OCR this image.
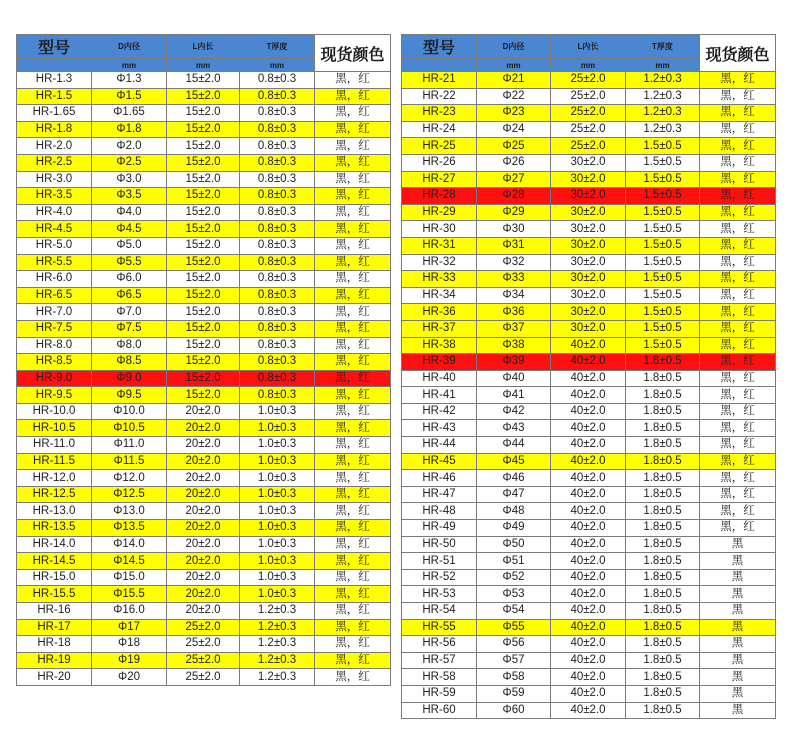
型号	D内径	L内长	T厚度	现货颜色
	mm	mm	mm	
HR-1.3	Φ1.3	15±2.0	0.8±0.3	黑，红
HR-1.5	Φ1.5	15±2.0	0.8±0.3	黑，红
HR-1.65	Φ1.65	15±2.0	0.8±0.3	黑，红
HR-1.8	Φ1.8	15±2.0	0.8±0.3	黑，红
HR-2.0	Φ2.0	15±2.0	0.8±0.3	黑，红
HR-2.5	Φ2.5	15±2.0	0.8±0.3	黑，红
HR-3.0	Φ3.0	15±2.0	0.8±0.3	黑，红
HR-3.5	Φ3.5	15±2.0	0.8±0.3	黑，红
HR-4.0	Φ4.0	15±2.0	0.8±0.3	黑，红
HR-4.5	Φ4.5	15±2.0	0.8±0.3	黑，红
HR-5.0	Φ5.0	15±2.0	0.8±0.3	黑，红
HR-5.5	Φ5.5	15±2.0	0.8±0.3	黑，红
HR-6.0	Φ6.0	15±2.0	0.8±0.3	黑，红
HR-6.5	Φ6.5	15±2.0	0.8±0.3	黑，红
HR-7.0	Φ7.0	15±2.0	0.8±0.3	黑，红
HR-7.5	Φ7.5	15±2.0	0.8±0.3	黑，红
HR-8.0	Φ8.0	15±2.0	0.8±0.3	黑，红
HR-8.5	Φ8.5	15±2.0	0.8±0.3	黑，红
HR-9.0	Φ9.0	15±2.0	0.8±0.3	黑，红
HR-9.5	Φ9.5	15±2.0	0.8±0.3	黑，红
HR-10.0	Φ10.0	20±2.0	1.0±0.3	黑，红
HR-10.5	Φ10.5	20±2.0	1.0±0.3	黑，红
HR-11.0	Φ11.0	20±2.0	1.0±0.3	黑，红
HR-11.5	Φ11.5	20±2.0	1.0±0.3	黑，红
HR-12.0	Φ12.0	20±2.0	1.0±0.3	黑，红
HR-12.5	Φ12.5	20±2.0	1.0±0.3	黑，红
HR-13.0	Φ13.0	20±2.0	1.0±0.3	黑，红
HR-13.5	Φ13.5	20±2.0	1.0±0.3	黑，红
HR-14.0	Φ14.0	20±2.0	1.0±0.3	黑，红
HR-14.5	Φ14.5	20±2.0	1.0±0.3	黑，红
HR-15.0	Φ15.0	20±2.0	1.0±0.3	黑，红
HR-15.5	Φ15.5	20±2.0	1.0±0.3	黑，红
HR-16	Φ16.0	20±2.0	1.2±0.3	黑，红
HR-17	Φ17	25±2.0	1.2±0.3	黑，红
HR-18	Φ18	25±2.0	1.2±0.3	黑，红
HR-19	Φ19	25±2.0	1.2±0.3	黑，红
HR-20	Φ20	25±2.0	1.2±0.3	黑，红
型号	D内径	L内长	T厚度	现货颜色
	mm	mm	mm	
HR-21	Φ21	25±2.0	1.2±0.3	黑，红
HR-22	Φ22	25±2.0	1.2±0.3	黑，红
HR-23	Φ23	25±2.0	1.2±0.3	黑，红
HR-24	Φ24	25±2.0	1.2±0.3	黑，红
HR-25	Φ25	25±2.0	1.5±0.5	黑，红
HR-26	Φ26	30±2.0	1.5±0.5	黑，红
HR-27	Φ27	30±2.0	1.5±0.5	黑，红
HR-28	Φ28	30±2.0	1.5±0.5	黑，红
HR-29	Φ29	30±2.0	1.5±0.5	黑，红
HR-30	Φ30	30±2.0	1.5±0.5	黑，红
HR-31	Φ31	30±2.0	1.5±0.5	黑，红
HR-32	Φ32	30±2.0	1.5±0.5	黑，红
HR-33	Φ33	30±2.0	1.5±0.5	黑，红
HR-34	Φ34	30±2.0	1.5±0.5	黑，红
HR-36	Φ36	30±2.0	1.5±0.5	黑，红
HR-37	Φ37	30±2.0	1.5±0.5	黑，红
HR-38	Φ38	40±2.0	1.5±0.5	黑，红
HR-39	Φ39	40±2.0	1.8±0.5	黑，红
HR-40	Φ40	40±2.0	1.8±0.5	黑，红
HR-41	Φ41	40±2.0	1.8±0.5	黑，红
HR-42	Φ42	40±2.0	1.8±0.5	黑，红
HR-43	Φ43	40±2.0	1.8±0.5	黑，红
HR-44	Φ44	40±2.0	1.8±0.5	黑，红
HR-45	Φ45	40±2.0	1.8±0.5	黑，红
HR-46	Φ46	40±2.0	1.8±0.5	黑，红
HR-47	Φ47	40±2.0	1.8±0.5	黑，红
HR-48	Φ48	40±2.0	1.8±0.5	黑，红
HR-49	Φ49	40±2.0	1.8±0.5	黑，红
HR-50	Φ50	40±2.0	1.8±0.5	黑
HR-51	Φ51	40±2.0	1.8±0.5	黑
HR-52	Φ52	40±2.0	1.8±0.5	黑
HR-53	Φ53	40±2.0	1.8±0.5	黑
HR-54	Φ54	40±2.0	1.8±0.5	黑
HR-55	Φ55	40±2.0	1.8±0.5	黑
HR-56	Φ56	40±2.0	1.8±0.5	黑
HR-57	Φ57	40±2.0	1.8±0.5	黑
HR-58	Φ58	40±2.0	1.8±0.5	黑
HR-59	Φ59	40±2.0	1.8±0.5	黑
HR-60	Φ60	40±2.0	1.8±0.5	黑
